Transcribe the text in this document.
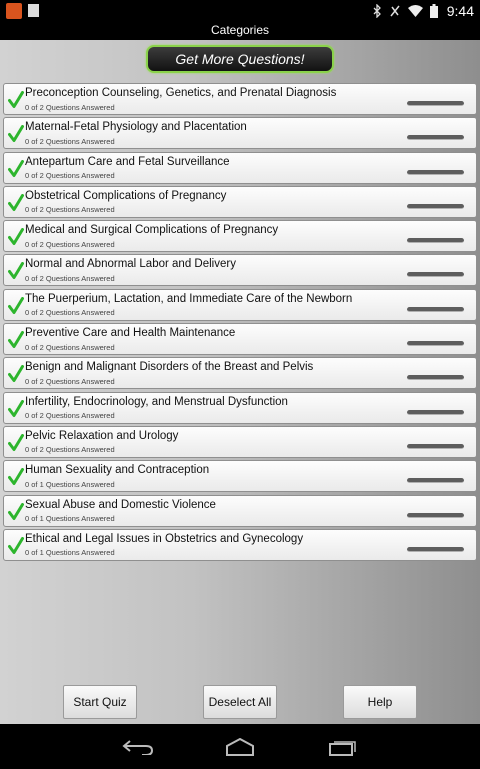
9:44
Categories
Get More Questions!
Preconception Counseling, Genetics, and Prenatal Diagnosis
0 of 2 Questions Answered
Maternal-Fetal Physiology and Placentation
0 of 2 Questions Answered
Antepartum Care and Fetal Surveillance
0 of 2 Questions Answered
Obstetrical Complications of Pregnancy
0 of 2 Questions Answered
Medical and Surgical Complications of Pregnancy
0 of 2 Questions Answered
Normal and Abnormal Labor and Delivery
0 of 2 Questions Answered
The Puerperium, Lactation, and Immediate Care of the Newborn
0 of 2 Questions Answered
Preventive Care and Health Maintenance
0 of 2 Questions Answered
Benign and Malignant Disorders of the Breast and Pelvis
0 of 2 Questions Answered
Infertility, Endocrinology, and Menstrual Dysfunction
0 of 2 Questions Answered
Pelvic Relaxation and Urology
0 of 2 Questions Answered
Human Sexuality and Contraception
0 of 1 Questions Answered
Sexual Abuse and Domestic Violence
0 of 1 Questions Answered
Ethical and Legal Issues in Obstetrics and Gynecology
0 of 1 Questions Answered
Start Quiz	Deselect All	Help
